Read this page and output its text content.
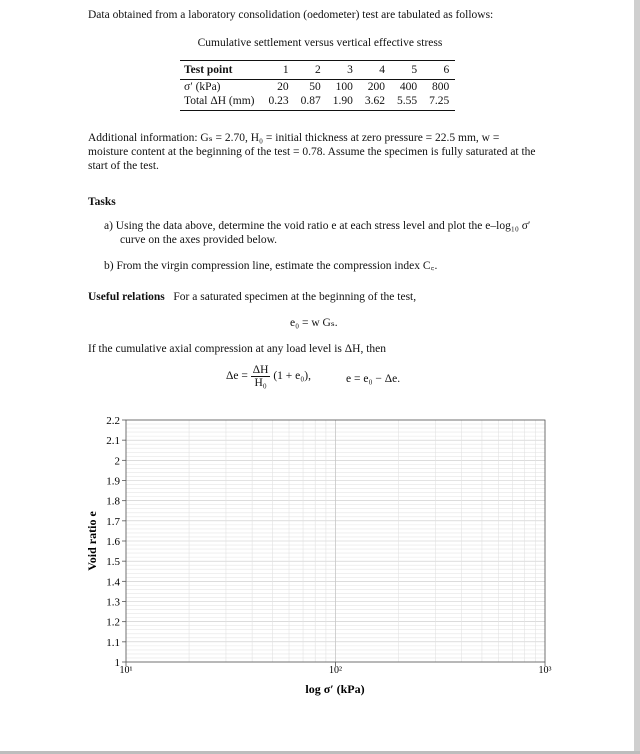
Data obtained from a laboratory consolidation (oedometer) test are tabulated as follows:
Cumulative settlement versus vertical effective stress
Test point	1	2	3	4	5	6
σ′ (kPa)	20	50	100	200	400	800
Total ΔH (mm)	0.23	0.87	1.90	3.62	5.55	7.25
Additional information: Gₛ = 2.70, H₀ = initial thickness at zero pressure = 22.5 mm, w =
moisture content at the beginning of the test = 0.78. Assume the specimen is fully saturated at the
start of the test.
Tasks
a) Using the data above, determine the void ratio e at each stress level and plot the e–log₁₀ σ′
curve on the axes provided below.
b) From the virgin compression line, estimate the compression index C꜀.
Useful relations For a saturated specimen at the beginning of the test,
e₀ = w Gₛ.
If the cumulative axial compression at any load level is ΔH, then
$\Delta e = \frac{\Delta H}{\text{H₀}} (1 + e_0)$,	e = e₀ − Δe.
2.2
2.1
2
1.9
1.8
1.7
1.6
1.5
1.4
1.3
1.2
1.1
1
10¹	10²	10³
Void ratio e
log σ′ (kPa)
